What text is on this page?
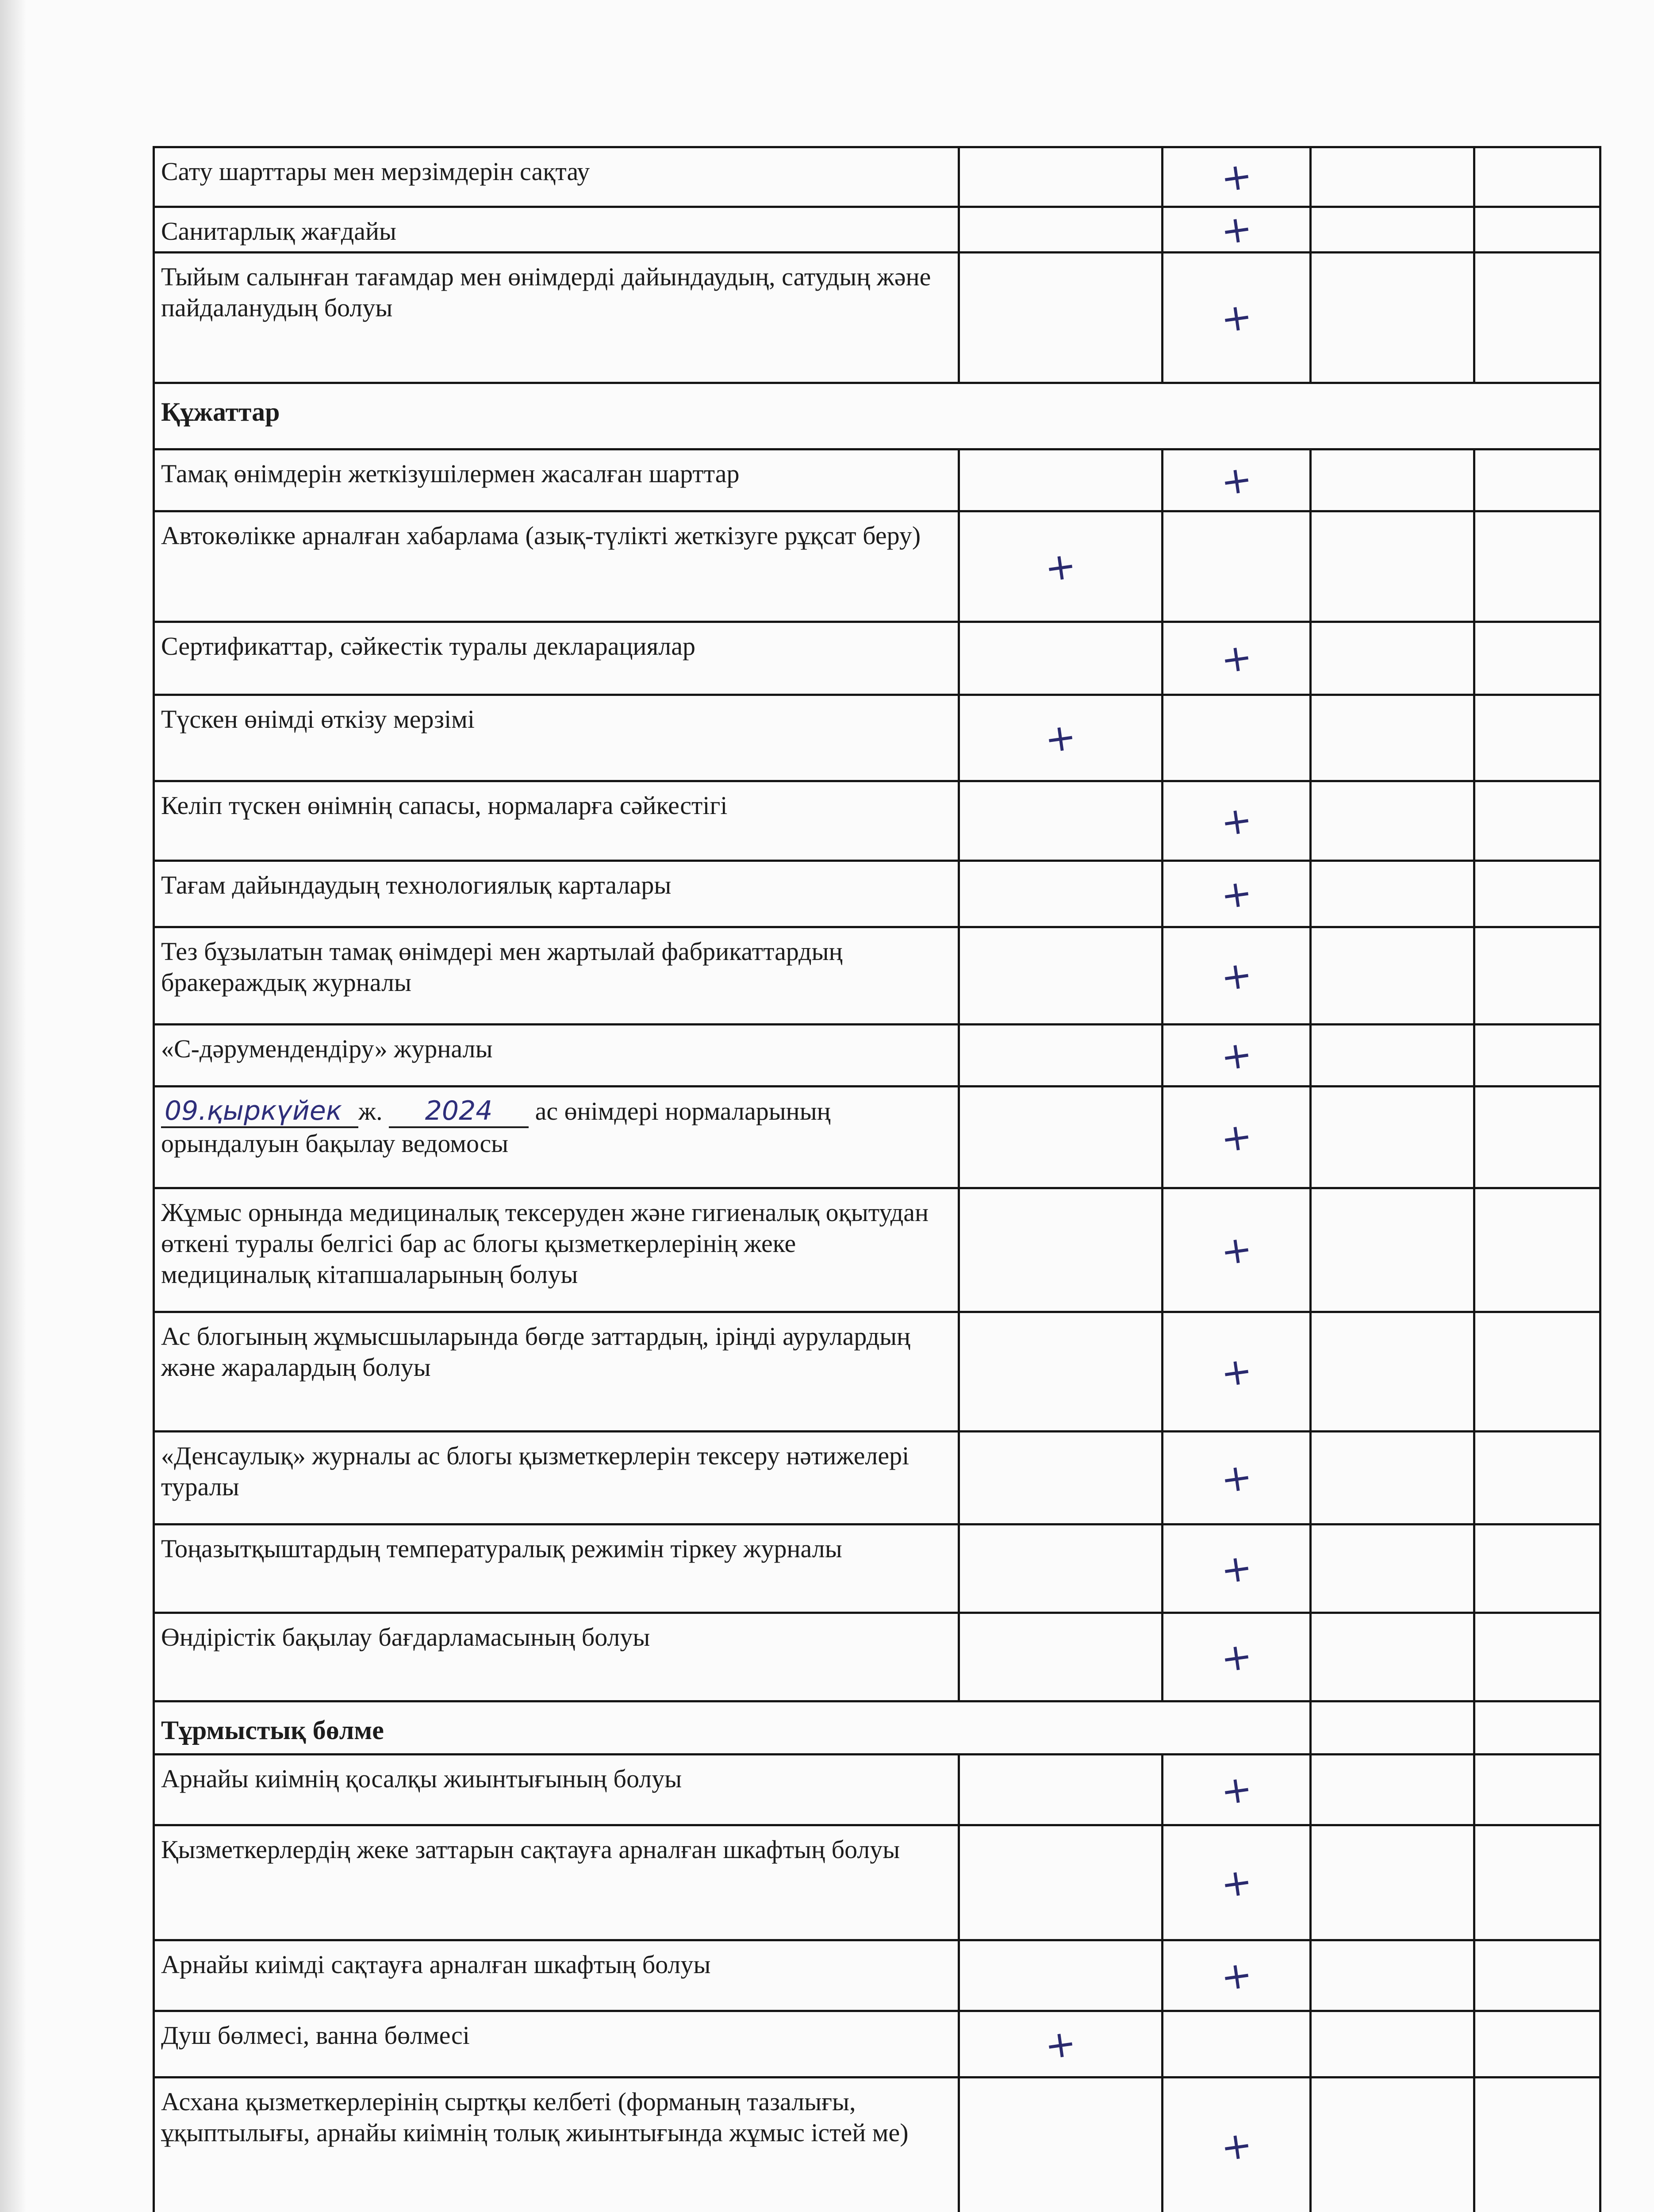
Сату шарттары мен мерзімдерін сақтау		+		
Санитарлық жағдайы		+		
Тыйым салынған тағамдар мен өнімдерді дайындаудың, сатудың және пайдаланудың болуы		+		
Құжаттар				
Тамақ өнімдерін жеткізушілермен жасалған шарттар		+		
Автокөлікке арналған хабарлама (азық-түлікті жеткізуге рұқсат беру)	+			
Сертификаттар, сәйкестік туралы декларациялар		+		
Түскен өнімді өткізу мерзімі	+			
Келіп түскен өнімнің сапасы, нормаларға сәйкестігі		+		
Тағам дайындаудың технологиялық карталары		+		
Тез бұзылатын тамақ өнімдері мен жартылай фабрикаттардың бракераждық журналы		+		
«С-дәрумендендіру» журналы		+		
09.қыркүйек ж. 2024 ас өнімдері нормаларының
орындалуын бақылау ведомосы		+		
Жұмыс орнында медициналық тексеруден және гигиеналық оқытудан өткені туралы белгісі бар ас блогы қызметкерлерінің жеке медициналық кітапшаларының болуы		+		
Ас блогының жұмысшыларында бөгде заттардың, іріңді аурулардың және жаралардың болуы		+		
«Денсаулық» журналы ас блогы қызметкерлерін тексеру нәтижелері туралы		+		
Тоңазытқыштардың температуралық режимін тіркеу журналы		+		
Өндірістік бақылау бағдарламасының болуы		+		
Тұрмыстық бөлме				
Арнайы киімнің қосалқы жиынтығының болуы		+		
Қызметкерлердің жеке заттарын сақтауға арналған шкафтың болуы		+		
Арнайы киімді сақтауға арналған шкафтың болуы		+		
Душ бөлмесі, ванна бөлмесі	+			
Асхана қызметкерлерінің сыртқы келбеті (форманың тазалығы, ұқыптылығы, арнайы киімнің толық жиынтығында жұмыс істей ме)		+		
